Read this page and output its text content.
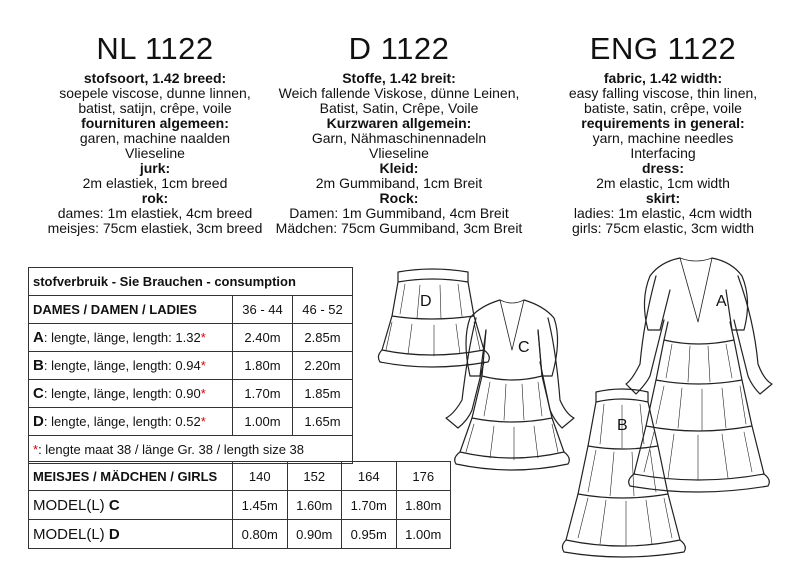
NL 1122
stofsoort, 1.42 breed:
soepele viscose, dunne linnen,
batist, satijn, crêpe, voile
fournituren algemeen:
garen, machine naalden
Vlieseline
jurk:
2m elastiek, 1cm breed
rok:
dames: 1m elastiek, 4cm breed
meisjes: 75cm elastiek, 3cm breed
D 1122
Stoffe, 1.42 breit:
Weich fallende Viskose, dünne Leinen,
Batist, Satin, Crêpe, Voile
Kurzwaren allgemein:
Garn, Nähmaschinennadeln
Vlieseline
Kleid:
2m Gummiband, 1cm Breit
Rock:
Damen: 1m Gummiband, 4cm Breit
Mädchen: 75cm Gummiband, 3cm Breit
ENG 1122
fabric, 1.42 width:
easy falling viscose, thin linen,
batiste, satin, crêpe, voile
requirements in general:
yarn, machine needles
Interfacing
dress:
2m elastic, 1cm width
skirt:
ladies: 1m elastic, 4cm width
girls: 75cm elastic, 3cm width
stofverbruik - Sie Brauchen - consumption		
DAMES / DAMEN / LADIES	36 - 44	46 - 52
A: lengte, länge, length: 1.32*	2.40m	2.85m
B: lengte, länge, length: 0.94*	1.80m	2.20m
C: lengte, länge, length: 0.90*	1.70m	1.85m
D: lengte, länge, length: 0.52*	1.00m	1.65m
*: lengte maat 38 / länge Gr. 38 / length size 38		
MEISJES / MÄDCHEN / GIRLS	140	152	164	176
MODEL(L) C	1.45m	1.60m	1.70m	1.80m
MODEL(L) D	0.80m	0.90m	0.95m	1.00m
D
C
B
A
